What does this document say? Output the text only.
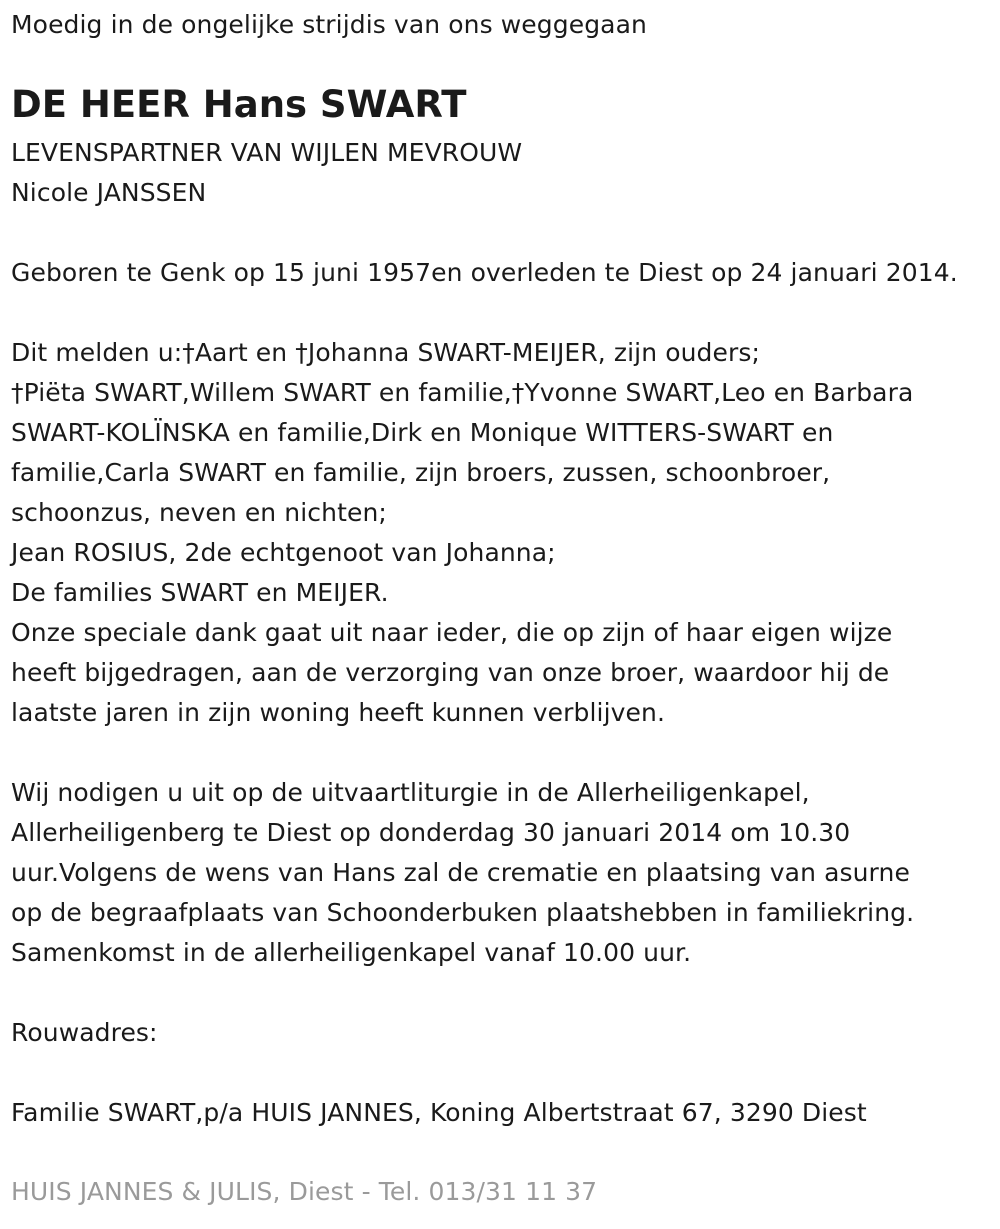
Moedig in de ongelijke strijdis van ons weggegaan
DE HEER Hans SWART
LEVENSPARTNER VAN WIJLEN MEVROUW
Nicole JANSSEN
Geboren te Genk op 15 juni 1957en overleden te Diest op 24 januari 2014.
Dit melden u:†Aart en †Johanna SWART-MEIJER, zijn ouders;
†Piëta SWART,Willem SWART en familie,†Yvonne SWART,Leo en Barbara
SWART-KOLÏNSKA en familie,Dirk en Monique WITTERS-SWART en
familie,Carla SWART en familie, zijn broers, zussen, schoonbroer,
schoonzus, neven en nichten;
Jean ROSIUS, 2de echtgenoot van Johanna;
De families SWART en MEIJER.
Onze speciale dank gaat uit naar ieder, die op zijn of haar eigen wijze
heeft bijgedragen, aan de verzorging van onze broer, waardoor hij de
laatste jaren in zijn woning heeft kunnen verblijven.
Wij nodigen u uit op de uitvaartliturgie in de Allerheiligenkapel,
Allerheiligenberg te Diest op donderdag 30 januari 2014 om 10.30
uur.Volgens de wens van Hans zal de crematie en plaatsing van asurne
op de begraafplaats van Schoonderbuken plaatshebben in familiekring.
Samenkomst in de allerheiligenkapel vanaf 10.00 uur.
Rouwadres:
Familie SWART,p/a HUIS JANNES, Koning Albertstraat 67, 3290 Diest
HUIS JANNES & JULIS, Diest - Tel. 013/31 11 37
